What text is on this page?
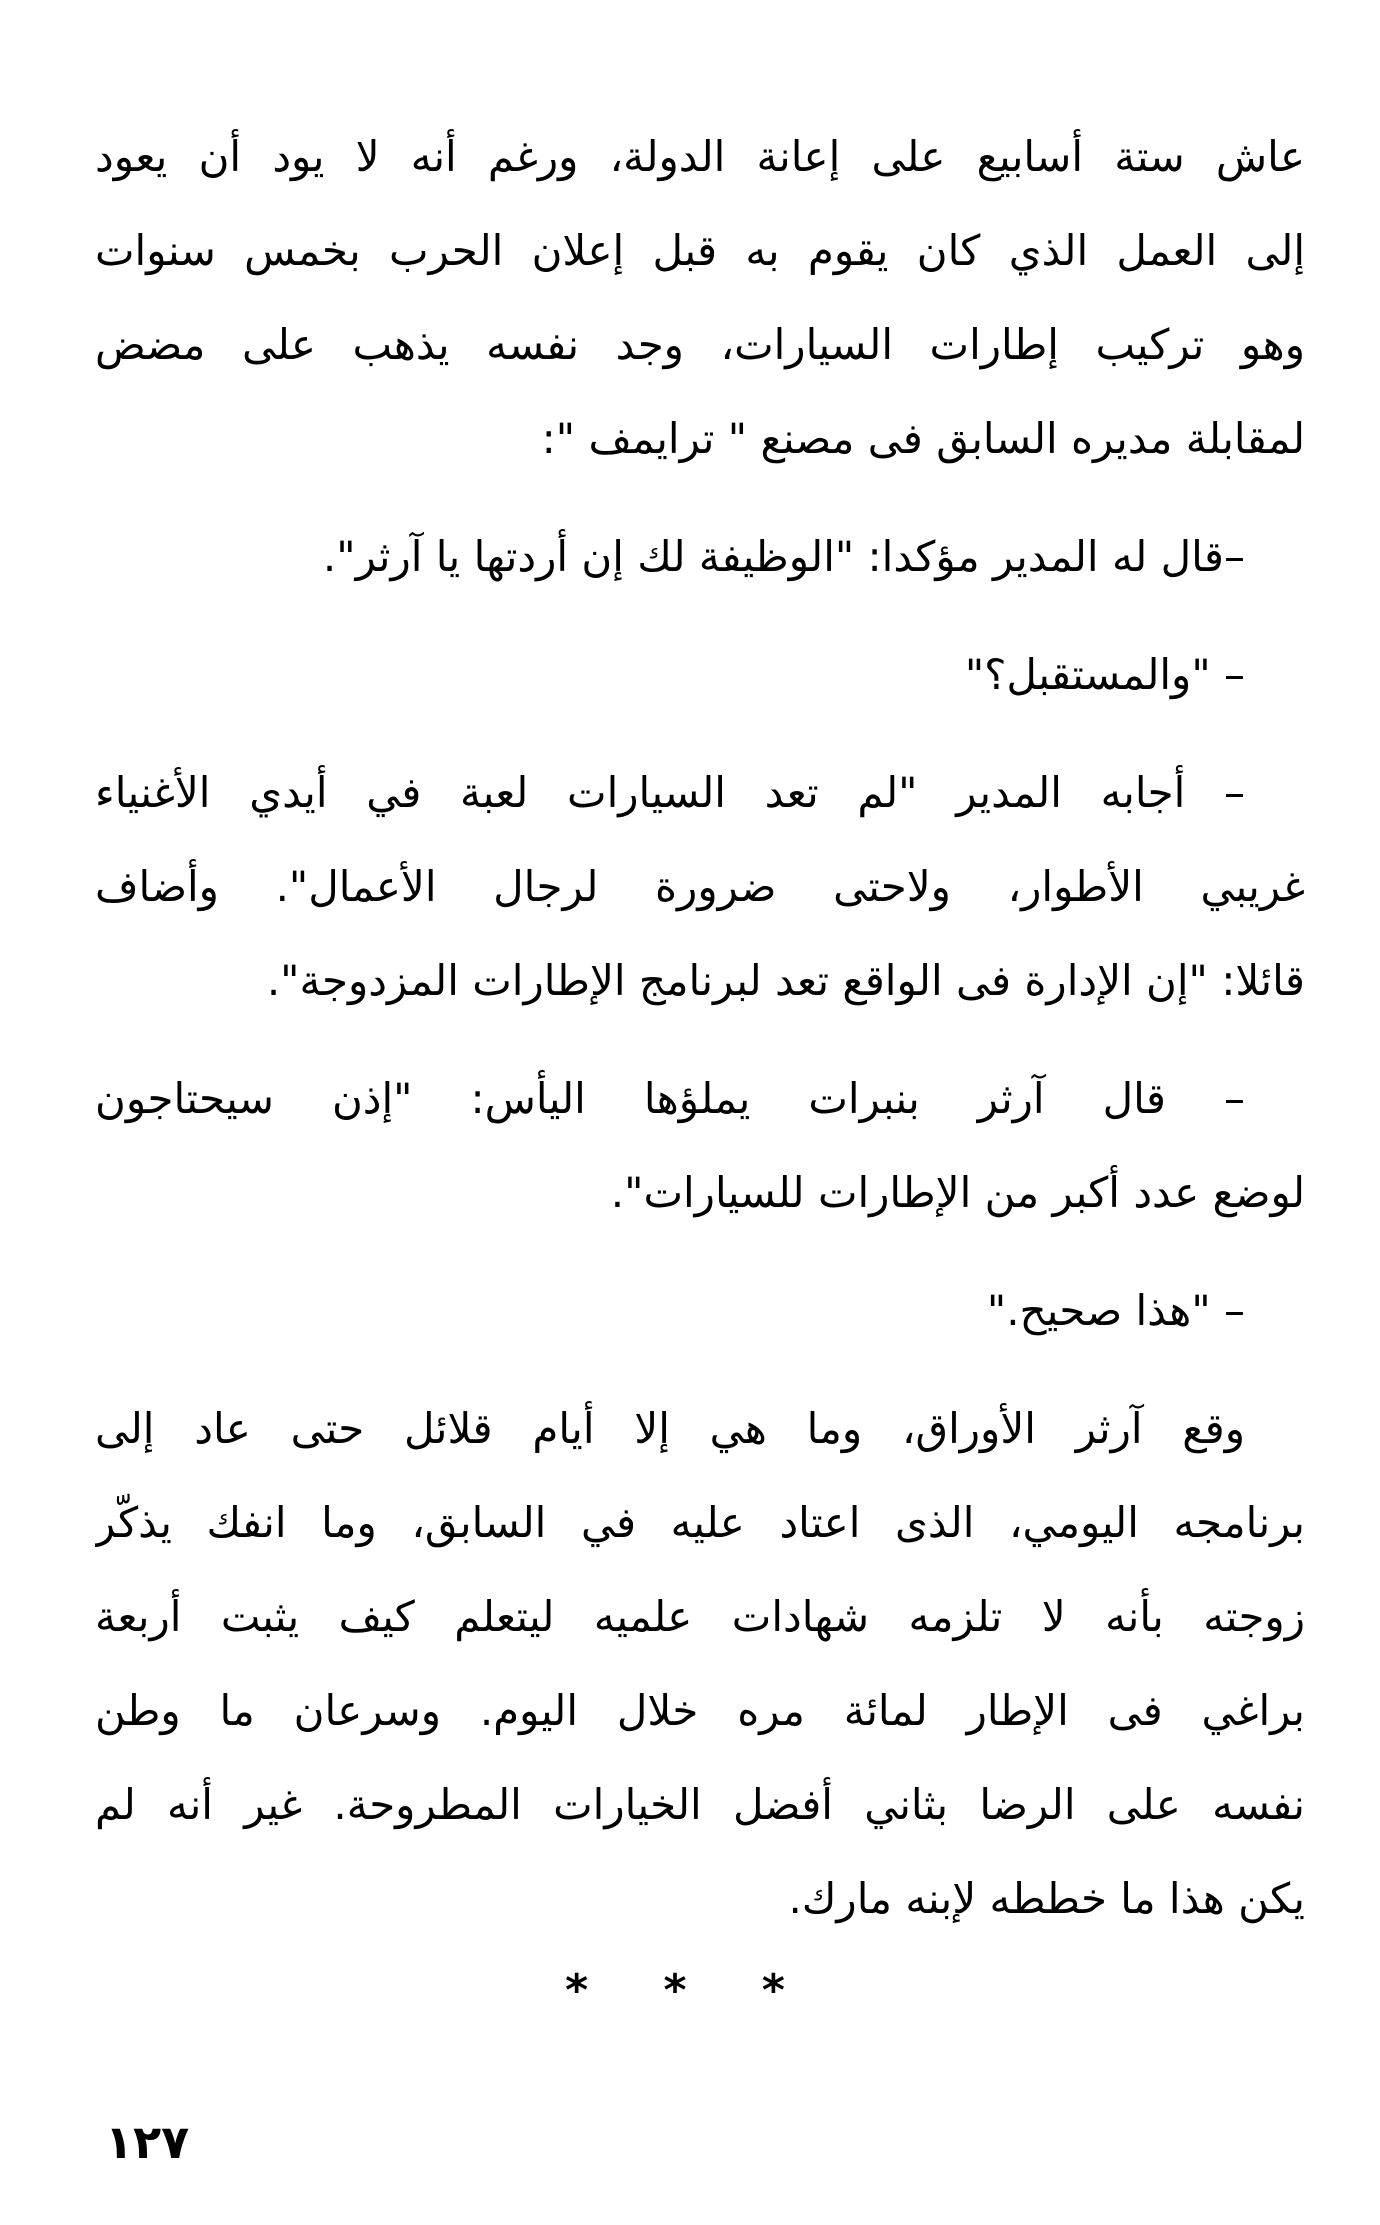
عاش ستة أسابيع على إعانة الدولة، ورغم أنه لا يود أن يعود
إلى العمل الذي كان يقوم به قبل إعلان الحرب بخمس سنوات
وهو تركيب إطارات السيارات، وجد نفسه يذهب على مضض
لمقابلة مديره السابق فى مصنع " ترايمف ":
–قال له المدير مؤكدا: "الوظيفة لك إن أردتها يا آرثر".
– "والمستقبل؟"
– أجابه المدير "لم تعد السيارات لعبة في أيدي الأغنياء
غريبي الأطوار، ولاحتى ضرورة لرجال الأعمال". وأضاف
قائلا: "إن الإدارة فى الواقع تعد لبرنامج الإطارات المزدوجة".
– قال آرثر بنبرات يملؤها اليأس: "إذن سيحتاجون
لوضع عدد أكبر من الإطارات للسيارات".
– "هذا صحيح."
وقع آرثر الأوراق، وما هي إلا أيام قلائل حتى عاد إلى
برنامجه اليومي، الذى اعتاد عليه في السابق، وما انفك يذكّر
زوجته بأنه لا تلزمه شهادات علميه ليتعلم كيف يثبت أربعة
براغي فى الإطار لمائة مره خلال اليوم. وسرعان ما وطن
نفسه على الرضا بثاني أفضل الخيارات المطروحة. غير أنه لم
يكن هذا ما خططه لإبنه مارك.
* * *
١٢٧
